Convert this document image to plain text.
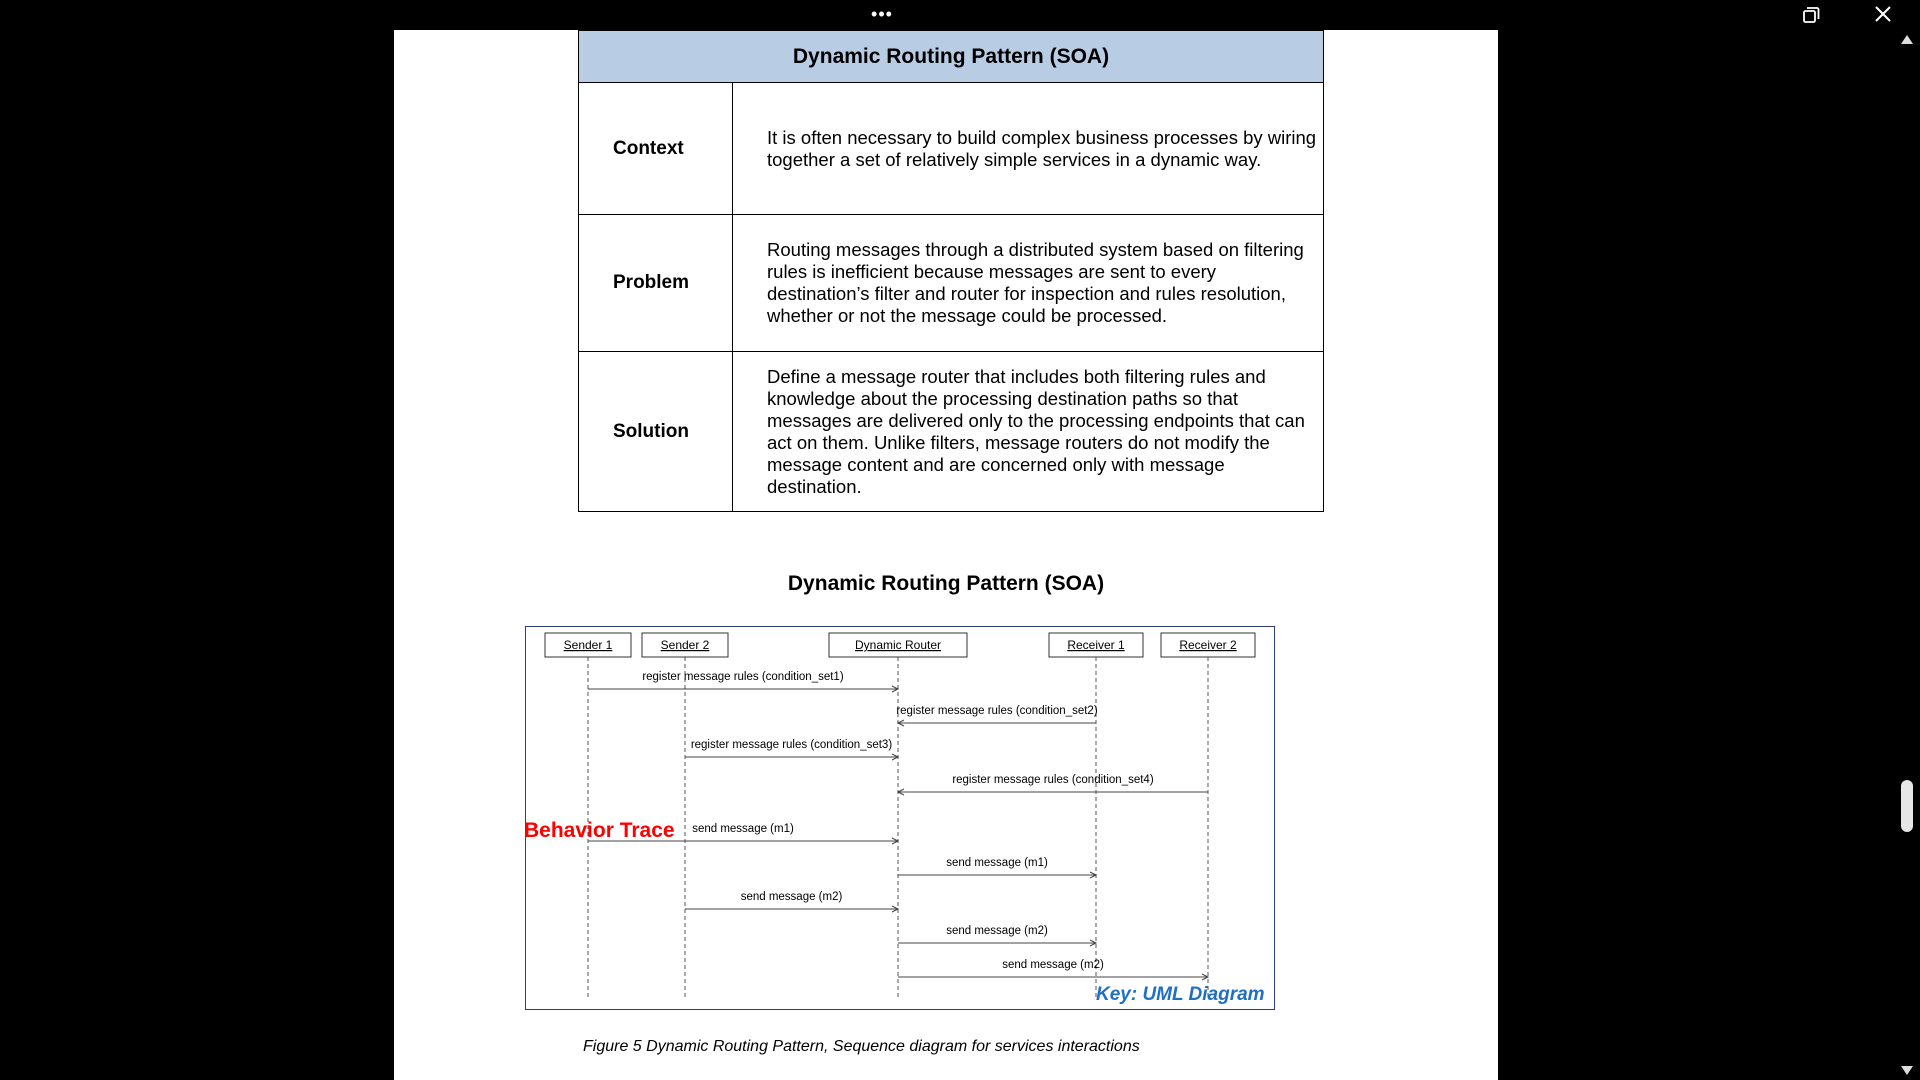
•••
Dynamic Routing Pattern (SOA)	
Context	It is often necessary to build complex business processes by wiring together a set of relatively simple services in a dynamic way.
Problem	Routing messages through a distributed system based on filtering rules is inefficient because messages are sent to every destination’s filter and router for inspection and rules resolution, whether or not the message could be processed.
Solution	Define a message router that includes both filtering rules and knowledge about the processing destination paths so that messages are delivered only to the processing endpoints that can act on them. Unlike filters, message routers do not modify the message content and are concerned only with message destination.
Dynamic Routing Pattern (SOA)
Sender 1	Sender 2	Dynamic Router	Receiver 1	Receiver 2
register message rules (condition_set1)
register message rules (condition_set2)
register message rules (condition_set3)
register message rules (condition_set4)
send message (m1)
send message (m1)
send message (m2)
send message (m2)
send message (m2)
Behavior Trace
Key: UML Diagram
Figure 5 Dynamic Routing Pattern, Sequence diagram for services interactions
